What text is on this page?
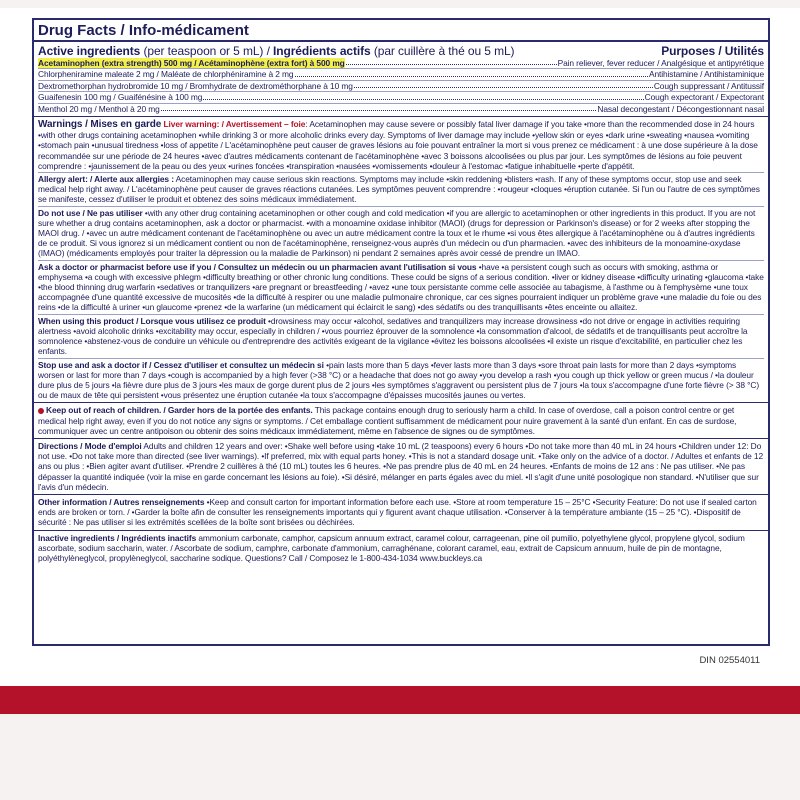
Drug Facts / Info-médicament
Active ingredients (per teaspoon or 5 mL) / Ingrédients actifs (par cuillère à thé ou 5 mL)	Purposes / Utilités
Acetaminophen (extra strength) 500 mg / Acétaminophène (extra fort) à 500 mg	Pain reliever, fever reducer / Analgésique et antipyrétique
Chlorpheniramine maleate 2 mg / Maléate de chlorphéniramine à 2 mg	Antihistamine / Antihistaminique
Dextromethorphan hydrobromide 10 mg / Bromhydrate de dextrométhorphane à 10 mg	Cough suppressant / Antitussif
Guaifenesin 100 mg / Guaifénésine à 100 mg	Cough expectorant / Expectorant
Menthol 20 mg / Menthol à 20 mg	Nasal decongestant / Décongestionnant nasal

Warnings / Mises en garde Liver warning: / Avertissement – foie: Acetaminophen may cause severe or possibly fatal liver damage if you take •more than the recommended dose in 24 hours •with other drugs containing acetaminophen •while drinking 3 or more alcoholic drinks every day. Symptoms of liver damage may include •yellow skin or eyes •dark urine •sweating •nausea •vomiting •stomach pain •unusual tiredness •loss of appetite / L'acétaminophène peut causer de graves lésions au foie pouvant entraîner la mort si vous prenez ce médicament : à une dose supérieure à la dose recommandée sur une période de 24 heures •avec d'autres médicaments contenant de l'acétaminophène •avec 3 boissons alcoolisées ou plus par jour. Les symptômes de lésions au foie peuvent comprendre : •jaunissement de la peau ou des yeux •urines foncées •transpiration •nausées •vomissements •douleur à l'estomac •fatigue inhabituelle •perte d'appétit.

Allergy alert: / Alerte aux allergies : Acetaminophen may cause serious skin reactions. Symptoms may include •skin reddening •blisters •rash. If any of these symptoms occur, stop use and seek medical help right away. / L'acétaminophène peut causer de graves réactions cutanées. Les symptômes peuvent comprendre : •rougeur •cloques •éruption cutanée. Si l'un ou l'autre de ces symptômes se manifeste, cessez d'utiliser le produit et obtenez des soins médicaux immédiatement.

Do not use / Ne pas utiliser •with any other drug containing acetaminophen or other cough and cold medication •if you are allergic to acetaminophen or other ingredients in this product. If you are not sure whether a drug contains acetaminophen, ask a doctor or pharmacist. •with a monoamine oxidase inhibitor (MAOI) (drugs for depression or Parkinson's disease) or for 2 weeks after stopping the MAOI drug. / •avec un autre médicament contenant de l'acétaminophène ou avec un autre médicament contre la toux et le rhume •si vous êtes allergique à l'acétaminophène ou à d'autres ingrédients de ce produit. Si vous ignorez si un médicament contient ou non de l'acétaminophène, renseignez-vous auprès d'un médecin ou d'un pharmacien. •avec des inhibiteurs de la monoamine-oxydase (IMAO) (médicaments employés pour traiter la dépression ou la maladie de Parkinson) ni pendant 2 semaines après avoir cessé de prendre un IMAO.

Ask a doctor or pharmacist before use if you / Consultez un médecin ou un pharmacien avant l'utilisation si vous •have •a persistent cough such as occurs with smoking, asthma or emphysema •a cough with excessive phlegm •difficulty breathing or other chronic lung conditions. These could be signs of a serious condition. •liver or kidney disease •difficulty urinating •glaucoma •take •the blood thinning drug warfarin •sedatives or tranquilizers •are pregnant or breastfeeding / •avez •une toux persistante comme celle associée au tabagisme, à l'asthme ou à l'emphysème •une toux accompagnée d'une quantité excessive de mucosités •de la difficulté à respirer ou une maladie pulmonaire chronique, car ces signes pourraient indiquer un problème grave •une maladie du foie ou des reins •de la difficulté à uriner •un glaucome •prenez •de la warfarine (un médicament qui éclaircit le sang) •des sédatifs ou des tranquillisants •êtes enceinte ou allaitez.

When using this product / Lorsque vous utilisez ce produit •drowsiness may occur •alcohol, sedatives and tranquilizers may increase drowsiness •do not drive or engage in activities requiring alertness •avoid alcoholic drinks •excitability may occur, especially in children / •vous pourriez éprouver de la somnolence •la consommation d'alcool, de sédatifs et de tranquillisants peut accroître la somnolence •abstenez-vous de conduire un véhicule ou d'entreprendre des activités exigeant de la vigilance •évitez les boissons alcoolisées •il existe un risque d'excitabilité, en particulier chez les enfants.

Stop use and ask a doctor if / Cessez d'utiliser et consultez un médecin si •pain lasts more than 5 days •fever lasts more than 3 days •sore throat pain lasts for more than 2 days •symptoms worsen or last for more than 7 days •cough is accompanied by a high fever (>38 °C) or a headache that does not go away •you develop a rash •you cough up thick yellow or green mucus / •la douleur dure plus de 5 jours •la fièvre dure plus de 3 jours •les maux de gorge durent plus de 2 jours •les symptômes s'aggravent ou persistent plus de 7 jours •la toux s'accompagne d'une forte fièvre (> 38 °C) ou de maux de tête qui persistent •vous présentez une éruption cutanée •la toux s'accompagne d'épaisses mucosités jaunes ou vertes.

Keep out of reach of children. / Garder hors de la portée des enfants. This package contains enough drug to seriously harm a child. In case of overdose, call a poison control centre or get medical help right away, even if you do not notice any signs or symptoms. / Cet emballage contient suffisamment de médicament pour nuire gravement à la santé d'un enfant. En cas de surdose, communiquer avec un centre antipoison ou obtenir des soins médicaux immédiatement, même en l'absence de signes ou de symptômes.
Directions / Mode d'emploi Adults and children 12 years and over: •Shake well before using •take 10 mL (2 teaspoons) every 6 hours •Do not take more than 40 mL in 24 hours •Children under 12: Do not use. •Do not take more than directed (see liver warnings). •If preferred, mix with equal parts honey. •This is not a standard dosage unit. •Take only on the advice of a doctor. / Adultes et enfants de 12 ans ou plus : •Bien agiter avant d'utiliser. •Prendre 2 cuillères à thé (10 mL) toutes les 6 heures. •Ne pas prendre plus de 40 mL en 24 heures. •Enfants de moins de 12 ans : Ne pas utiliser. •Ne pas dépasser la quantité indiquée (voir la mise en garde concernant les lésions au foie). •Si désiré, mélanger en parts égales avec du miel. •Il s'agit d'une unité posologique non standard. •N'utiliser que sur l'avis d'un médecin.
Other information / Autres renseignements •Keep and consult carton for important information before each use. •Store at room temperature 15 – 25°C •Security Feature: Do not use if sealed carton ends are broken or torn. / •Garder la boîte afin de consulter les renseignements importants qui y figurent avant chaque utilisation. •Conserver à la température ambiante (15 – 25 °C). •Dispositif de sécurité : Ne pas utiliser si les extrémités scellées de la boîte sont brisées ou déchirées.
Inactive ingredients / Ingrédients inactifs ammonium carbonate, camphor, capsicum annuum extract, caramel colour, carrageenan, pine oil pumilio, polyethylene glycol, propylene glycol, sodium ascorbate, sodium saccharin, water. / Ascorbate de sodium, camphre, carbonate d'ammonium, carraghénane, colorant caramel, eau, extrait de Capsicum annuum, huile de pin de montagne, polyéthylèneglycol, propylèneglycol, saccharine sodique. Questions? Call / Composez le 1-800-434-1034 www.buckleys.ca
DIN 02554011
